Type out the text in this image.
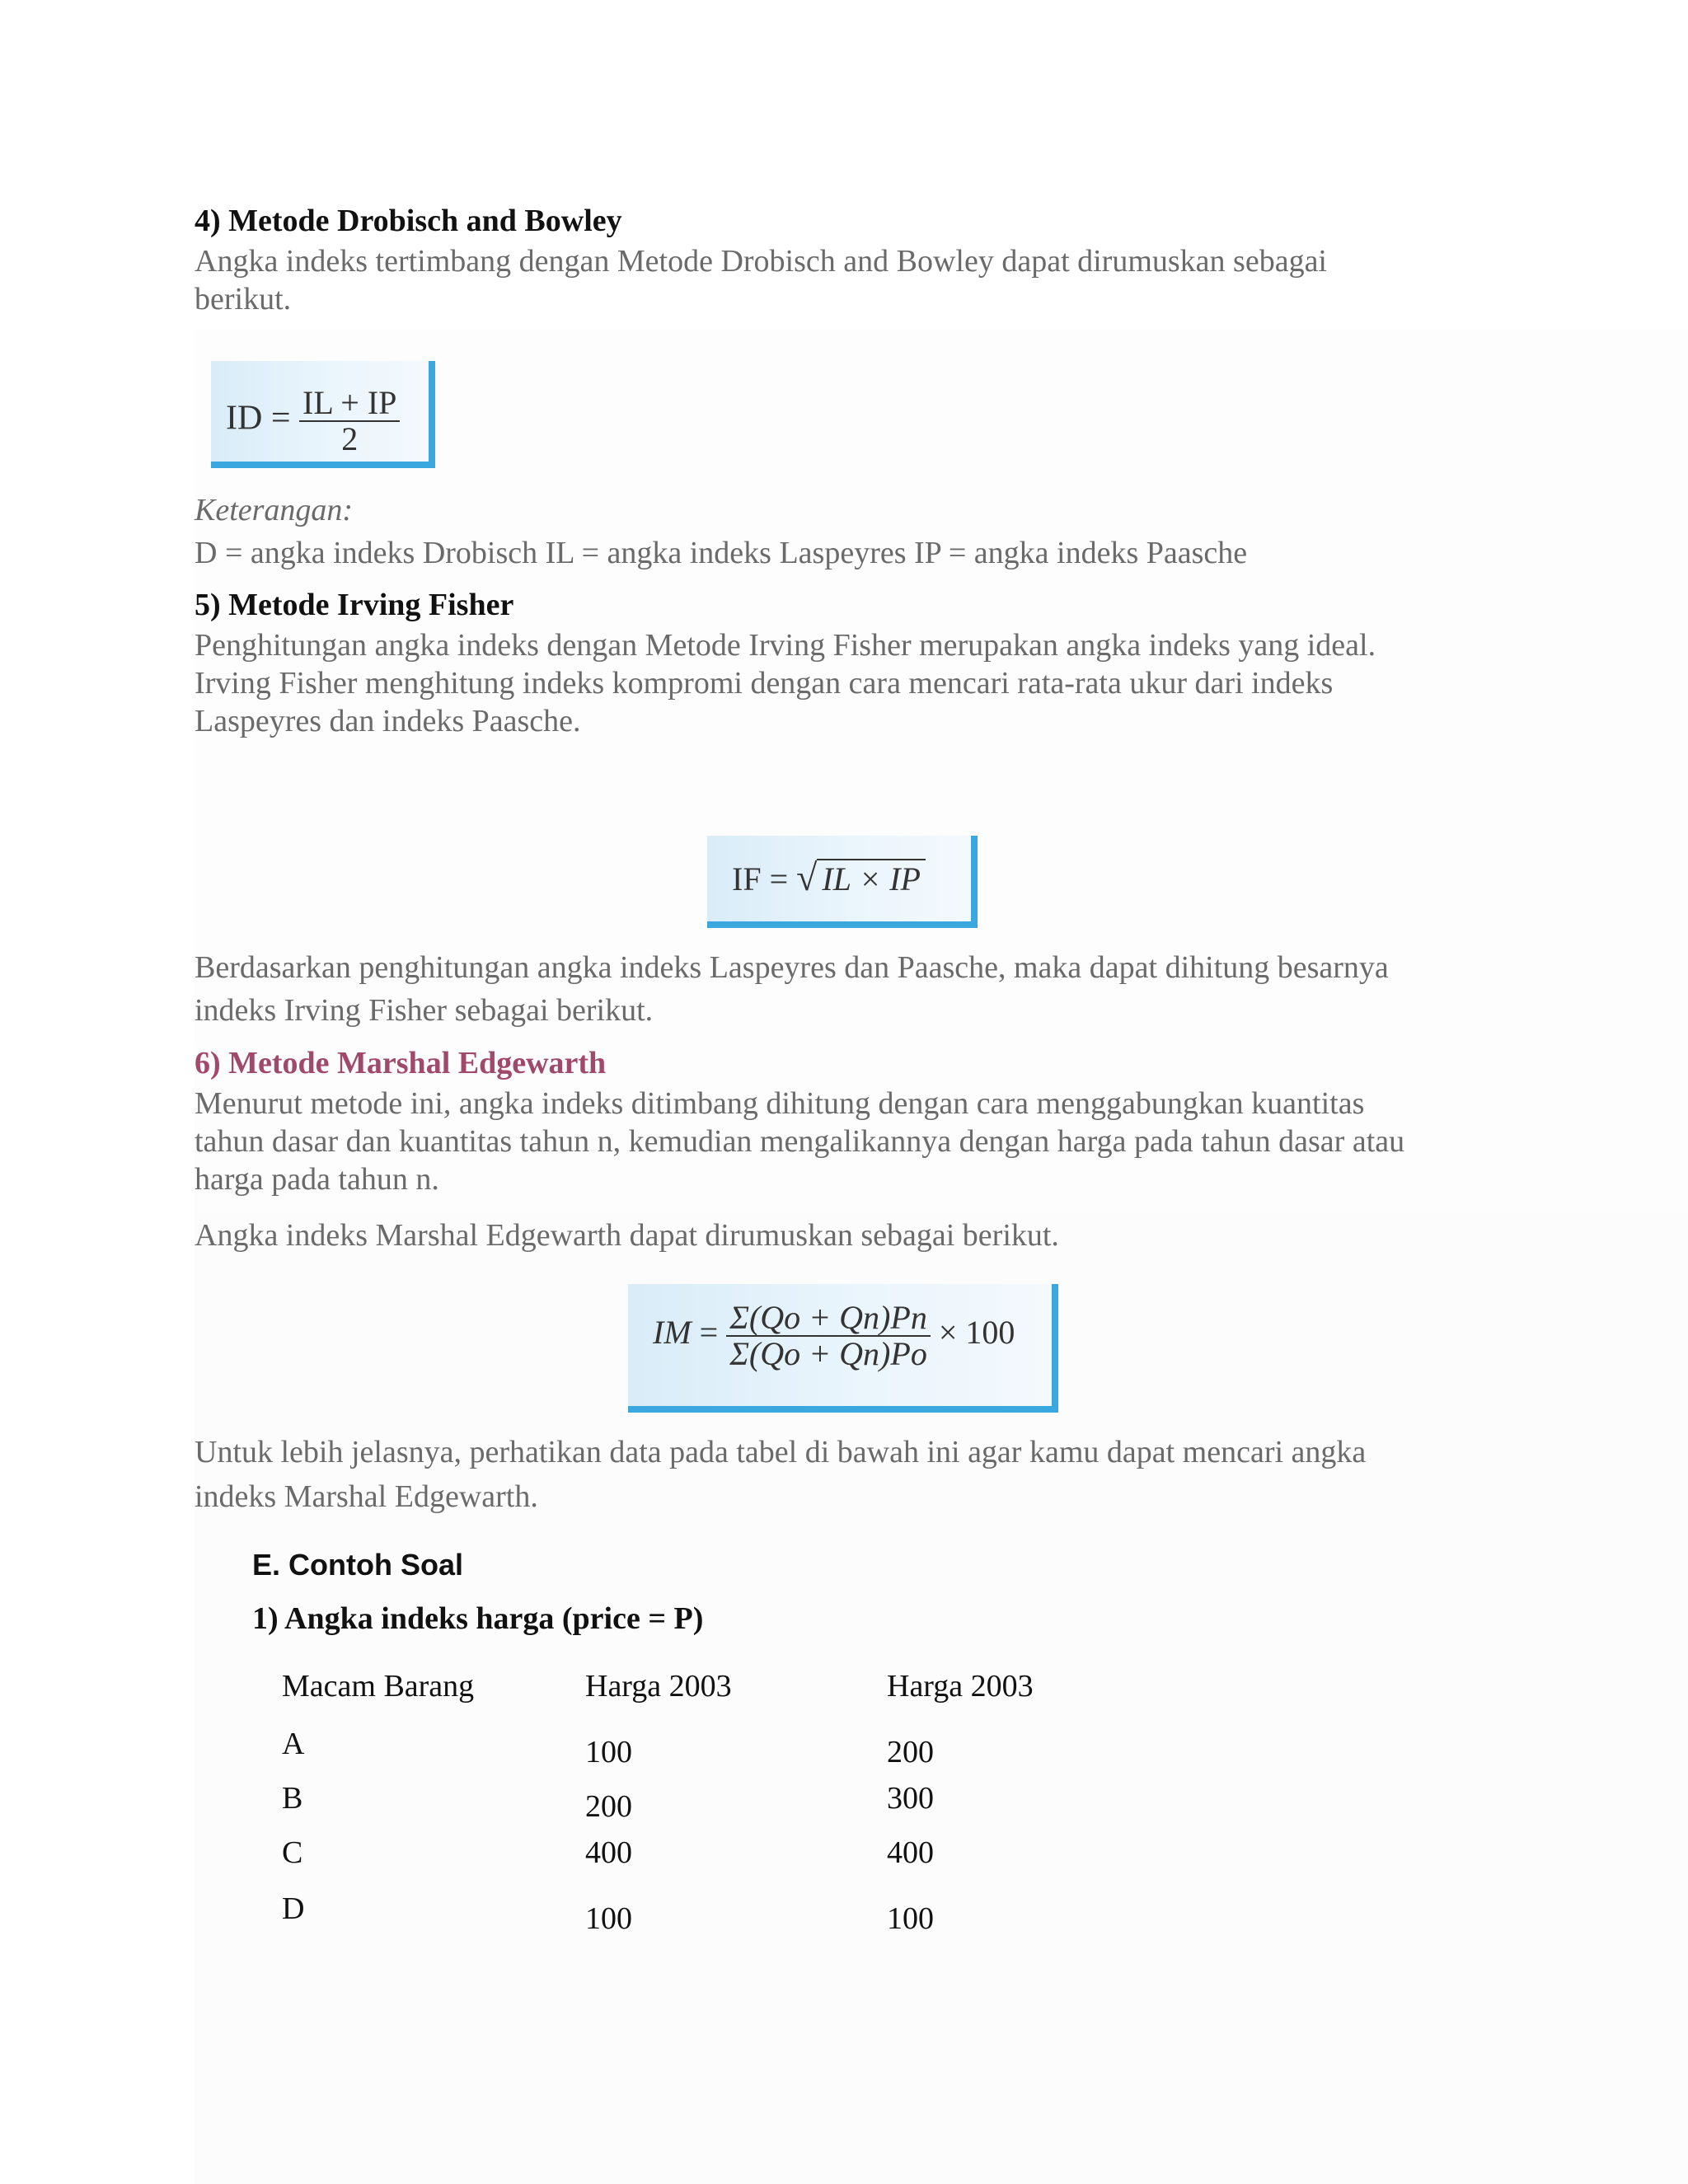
4) Metode Drobisch and Bowley
Angka indeks tertimbang dengan Metode Drobisch and Bowley dapat dirumuskan sebagai
berikut.
ID = $\frac{IL + IP}{2}$
Keterangan:
D = angka indeks Drobisch IL = angka indeks Laspeyres IP = angka indeks Paasche
5) Metode Irving Fisher
Penghitungan angka indeks dengan Metode Irving Fisher merupakan angka indeks yang ideal.
Irving Fisher menghitung indeks kompromi dengan cara mencari rata-rata ukur dari indeks
Laspeyres dan indeks Paasche.
IF = √ IL × IP
Berdasarkan penghitungan angka indeks Laspeyres dan Paasche, maka dapat dihitung besarnya
indeks Irving Fisher sebagai berikut.
6) Metode Marshal Edgewarth
Menurut metode ini, angka indeks ditimbang dihitung dengan cara menggabungkan kuantitas
tahun dasar dan kuantitas tahun n, kemudian mengalikannya dengan harga pada tahun dasar atau
harga pada tahun n.
Angka indeks Marshal Edgewarth dapat dirumuskan sebagai berikut.
IM = $\frac{\Sigma(Qo + Qn)Pn}{\Sigma(Qo + Qn)Po} \times 100$
Untuk lebih jelasnya, perhatikan data pada tabel di bawah ini agar kamu dapat mencari angka
indeks Marshal Edgewarth.
E. Contoh Soal
1) Angka indeks harga (price = P)
Macam Barang	Harga 2003	Harga 2003
A	100	200
B	200	300
C	400	400
D	100	100
